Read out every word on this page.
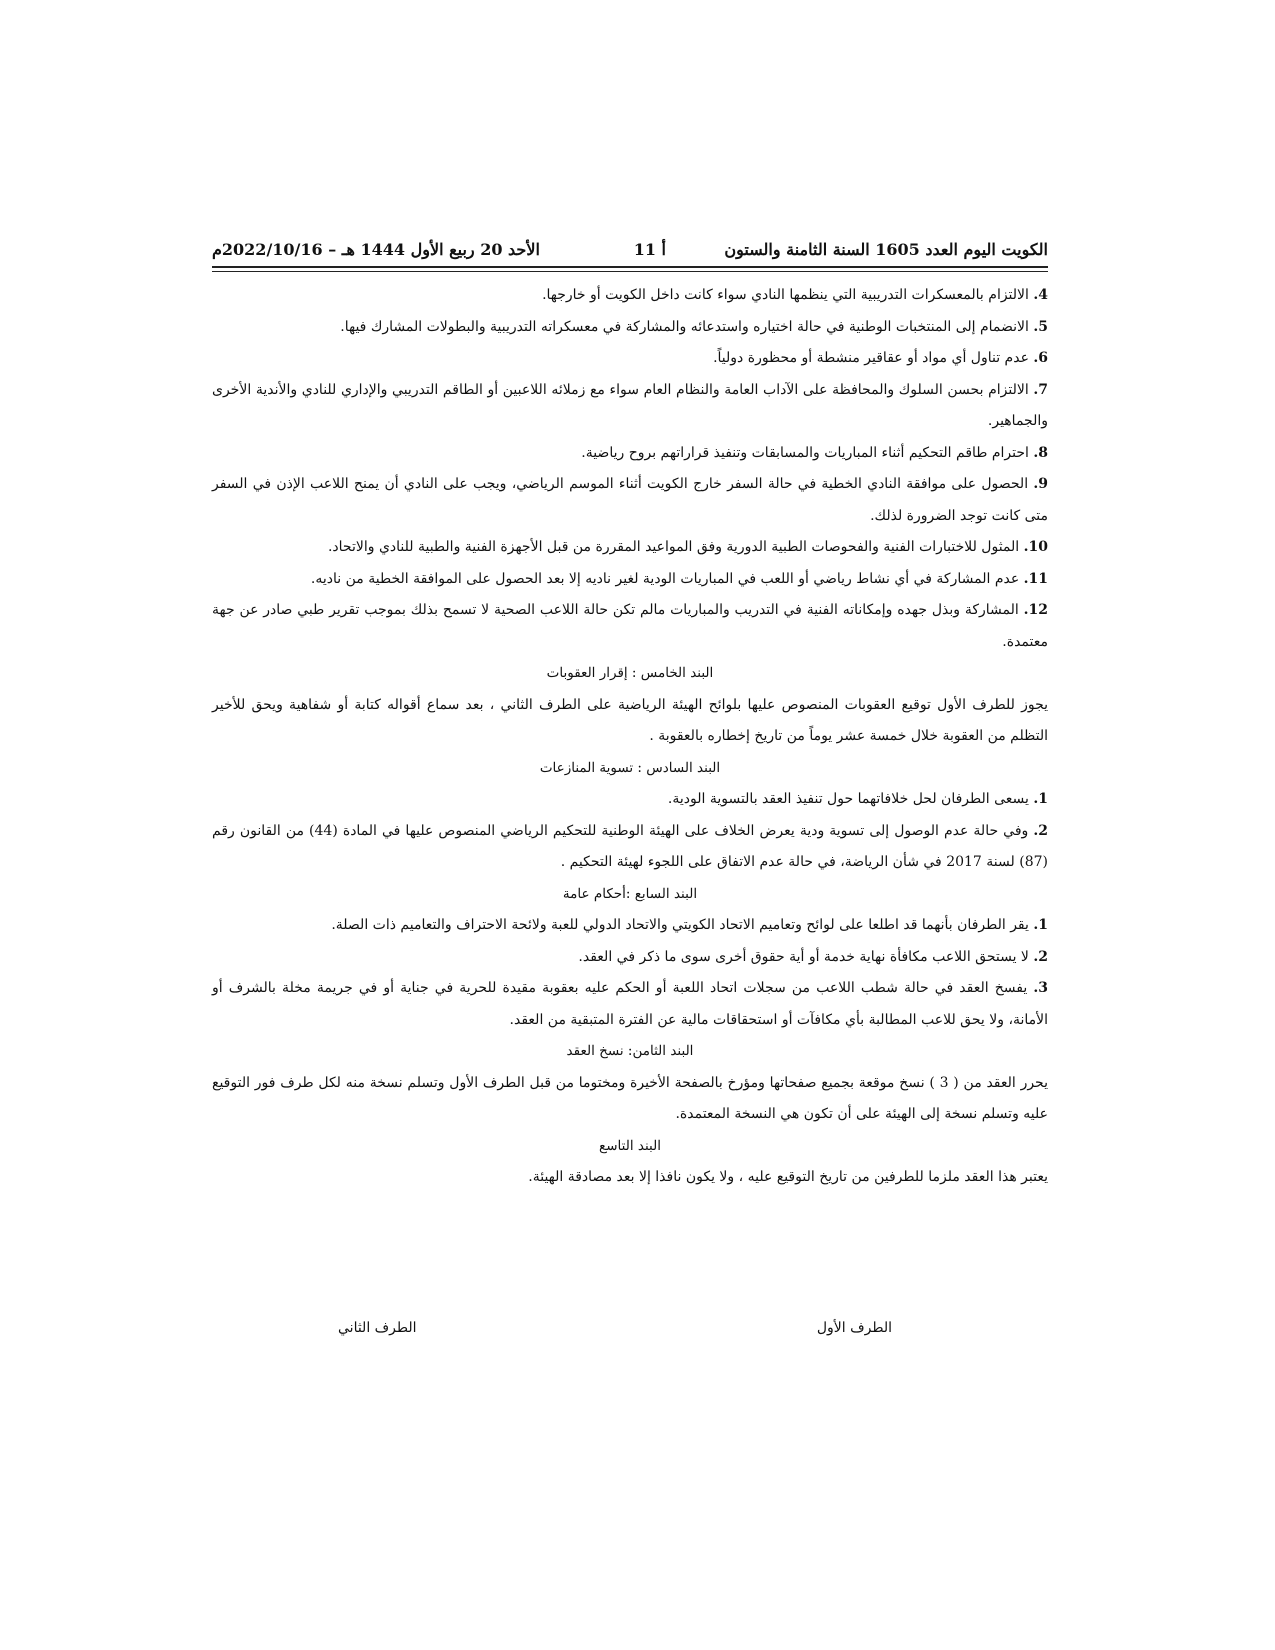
الكويت اليوم العدد 1605 السنة الثامنة والستون
أ 11
الأحد 20 ربيع الأول 1444 هـ – 2022/10/16م

4. الالتزام بالمعسكرات التدريبية التي ينظمها النادي سواء كانت داخل الكويت أو خارجها.

5. الانضمام إلى المنتخبات الوطنية في حالة اختياره واستدعائه والمشاركة في معسكراته التدريبية والبطولات المشارك فيها.

6. عدم تناول أي مواد أو عقاقير منشطة أو محظورة دولياً.

7. الالتزام بحسن السلوك والمحافظة على الآداب العامة والنظام العام سواء مع زملائه اللاعبين أو الطاقم التدريبي والإداري للنادي والأندية الأخرى والجماهير.

8. احترام طاقم التحكيم أثناء المباريات والمسابقات وتنفيذ قراراتهم بروح رياضية.

9. الحصول على موافقة النادي الخطية في حالة السفر خارج الكويت أثناء الموسم الرياضي، ويجب على النادي أن يمنح اللاعب الإذن في السفر متى كانت توجد الضرورة لذلك.

10. المثول للاختبارات الفنية والفحوصات الطبية الدورية وفق المواعيد المقررة من قبل الأجهزة الفنية والطبية للنادي والاتحاد.

11. عدم المشاركة في أي نشاط رياضي أو اللعب في المباريات الودية لغير ناديه إلا بعد الحصول على الموافقة الخطية من ناديه.

12. المشاركة وبذل جهده وإمكاناته الفنية في التدريب والمباريات مالم تكن حالة اللاعب الصحية لا تسمح بذلك بموجب تقرير طبي صادر عن جهة معتمدة.

البند الخامس : إقرار العقوبات

يجوز للطرف الأول توقيع العقوبات المنصوص عليها بلوائح الهيئة الرياضية على الطرف الثاني ، بعد سماع أقواله كتابة أو شفاهية ويحق للأخير التظلم من العقوبة خلال خمسة عشر يوماً من تاريخ إخطاره بالعقوبة .

البند السادس : تسوية المنازعات

1. يسعى الطرفان لحل خلافاتهما حول تنفيذ العقد بالتسوية الودية.

2. وفي حالة عدم الوصول إلى تسوية ودية يعرض الخلاف على الهيئة الوطنية للتحكيم الرياضي المنصوص عليها في المادة (44) من القانون رقم (87) لسنة 2017 في شأن الرياضة، في حالة عدم الاتفاق على اللجوء لهيئة التحكيم .

البند السابع :أحكام عامة

1. يقر الطرفان بأنهما قد اطلعا على لوائح وتعاميم الاتحاد الكويتي والاتحاد الدولي للعبة ولائحة الاحتراف والتعاميم ذات الصلة.

2. لا يستحق اللاعب مكافأة نهاية خدمة أو أية حقوق أخرى سوى ما ذكر في العقد.

3. يفسخ العقد في حالة شطب اللاعب من سجلات اتحاد اللعبة أو الحكم عليه بعقوبة مقيدة للحرية في جناية أو في جريمة مخلة بالشرف أو الأمانة، ولا يحق للاعب المطالبة بأي مكافآت أو استحقاقات مالية عن الفترة المتبقية من العقد.

البند الثامن: نسخ العقد

يحرر العقد من ( 3 ) نسخ موقعة بجميع صفحاتها ومؤرخ بالصفحة الأخيرة ومختوما من قبل الطرف الأول وتسلم نسخة منه لكل طرف فور التوقيع عليه وتسلم نسخة إلى الهيئة على أن تكون هي النسخة المعتمدة.

البند التاسع

يعتبر هذا العقد ملزما للطرفين من تاريخ التوقيع عليه ، ولا يكون نافذا إلا بعد مصادقة الهيئة.

الطرف الأول
الطرف الثاني
